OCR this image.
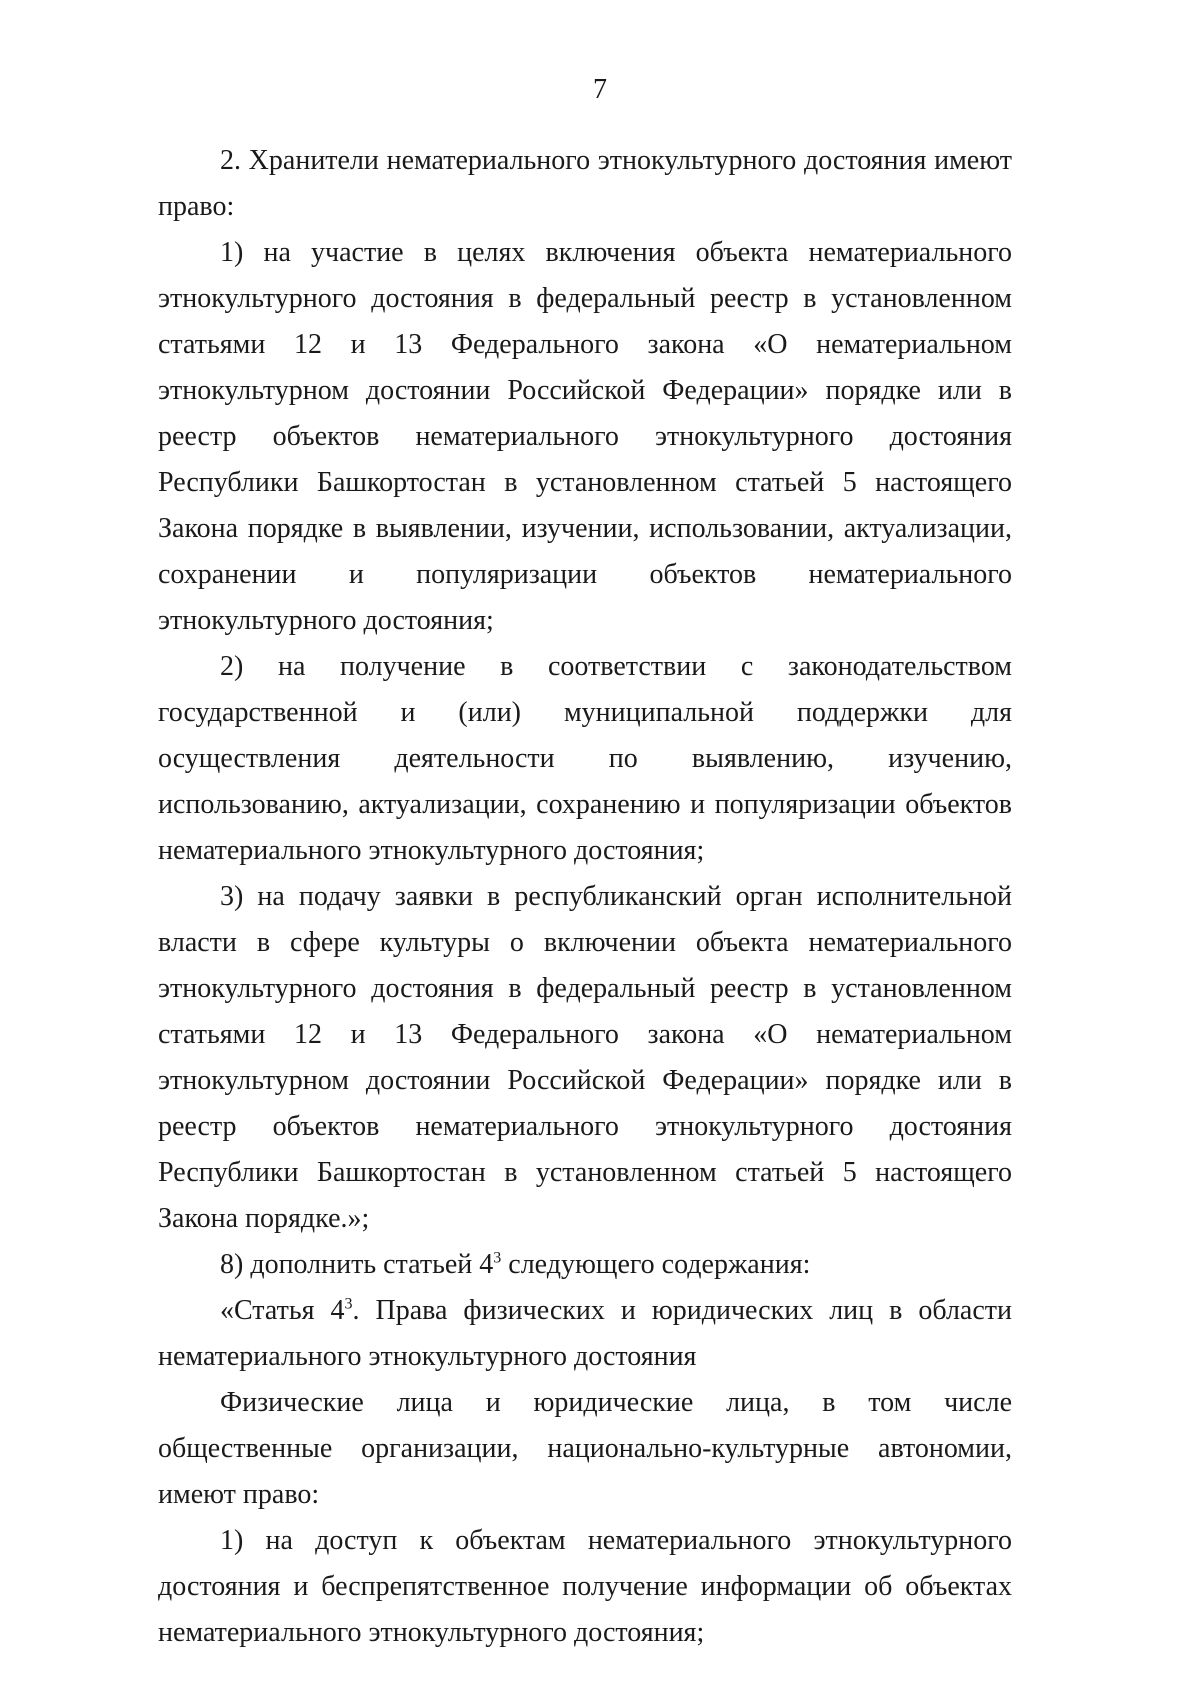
7

2. Хранители нематериального этнокультурного достояния имеют право:

1) на участие в целях включения объекта нематериального этнокультурного достояния в федеральный реестр в установленном статьями 12 и 13 Федерального закона «О нематериальном этнокультурном достоянии Российской Федерации» порядке или в реестр объектов нематериального этнокультурного достояния Республики Башкортостан в установленном статьей 5 настоящего Закона порядке в выявлении, изучении, использовании, актуализации, сохранении и популяризации объектов нематериального этнокультурного достояния;

2) на получение в соответствии с законодательством государственной и (или) муниципальной поддержки для осуществления деятельности по выявлению, изучению, использованию, актуализации, сохранению и популяризации объектов нематериального этнокультурного достояния;

3) на подачу заявки в республиканский орган исполнительной власти в сфере культуры о включении объекта нематериального этнокультурного достояния в федеральный реестр в установленном статьями 12 и 13 Федерального закона «О нематериальном этнокультурном достоянии Российской Федерации» порядке или в реестр объектов нематериального этнокультурного достояния Республики Башкортостан в установленном статьей 5 настоящего Закона порядке.»;

8) дополнить статьей $4^3$ следующего содержания:

«Статья $4^3$. Права физических и юридических лиц в области нематериального этнокультурного достояния

Физические лица и юридические лица, в том числе общественные организации, национально-культурные автономии, имеют право:

1) на доступ к объектам нематериального этнокультурного достояния и беспрепятственное получение информации об объектах нематериального этнокультурного достояния;
